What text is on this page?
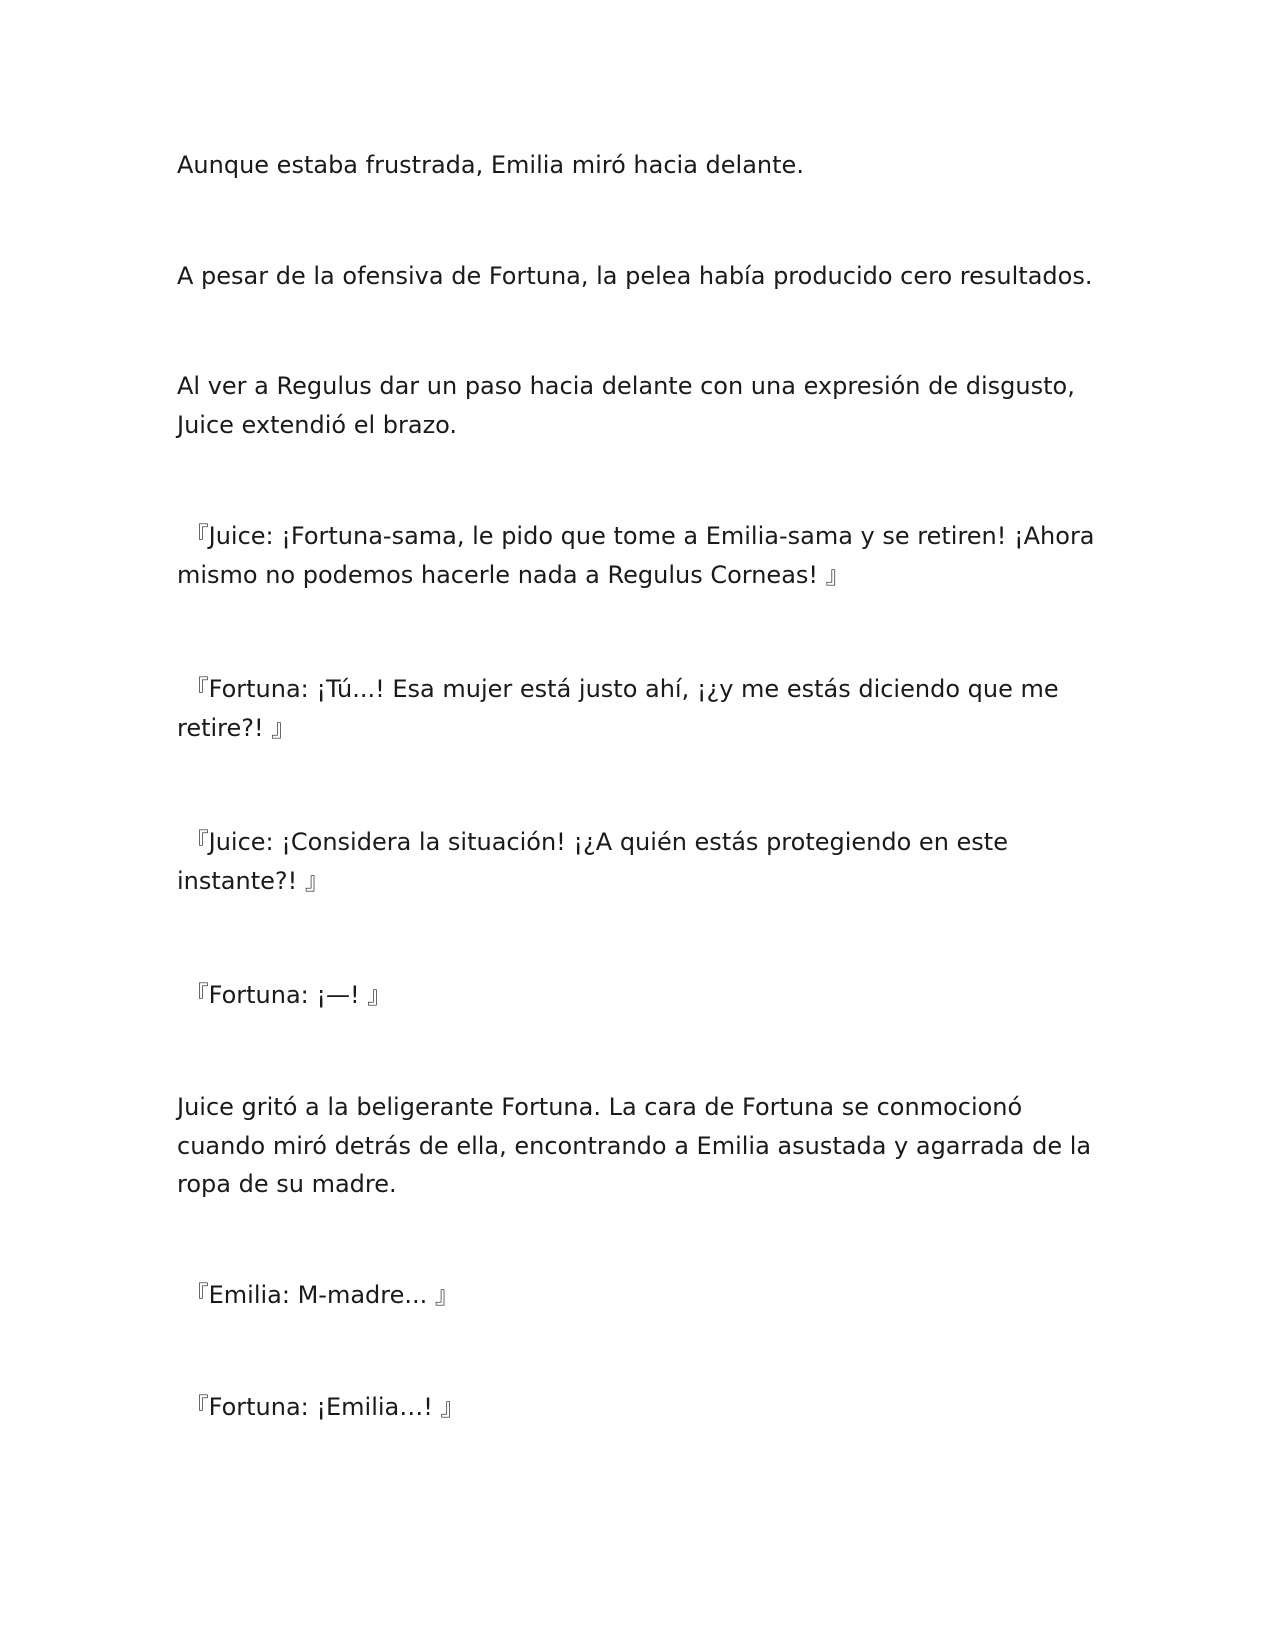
Aunque estaba frustrada, Emilia miró hacia delante.

A pesar de la ofensiva de Fortuna, la pelea había producido cero resultados.

Al ver a Regulus dar un paso hacia delante con una expresión de disgusto, Juice extendió el brazo.

『Juice: ¡Fortuna-sama, le pido que tome a Emilia-sama y se retiren! ¡Ahora mismo no podemos hacerle nada a Regulus Corneas! 』

『Fortuna: ¡Tú...! Esa mujer está justo ahí, ¡¿y me estás diciendo que me retire?! 』

『Juice: ¡Considera la situación! ¡¿A quién estás protegiendo en este instante?! 』

『Fortuna: ¡—! 』

Juice gritó a la beligerante Fortuna. La cara de Fortuna se conmocionó cuando miró detrás de ella, encontrando a Emilia asustada y agarrada de la ropa de su madre.

『Emilia: M-madre... 』

『Fortuna: ¡Emilia…! 』
